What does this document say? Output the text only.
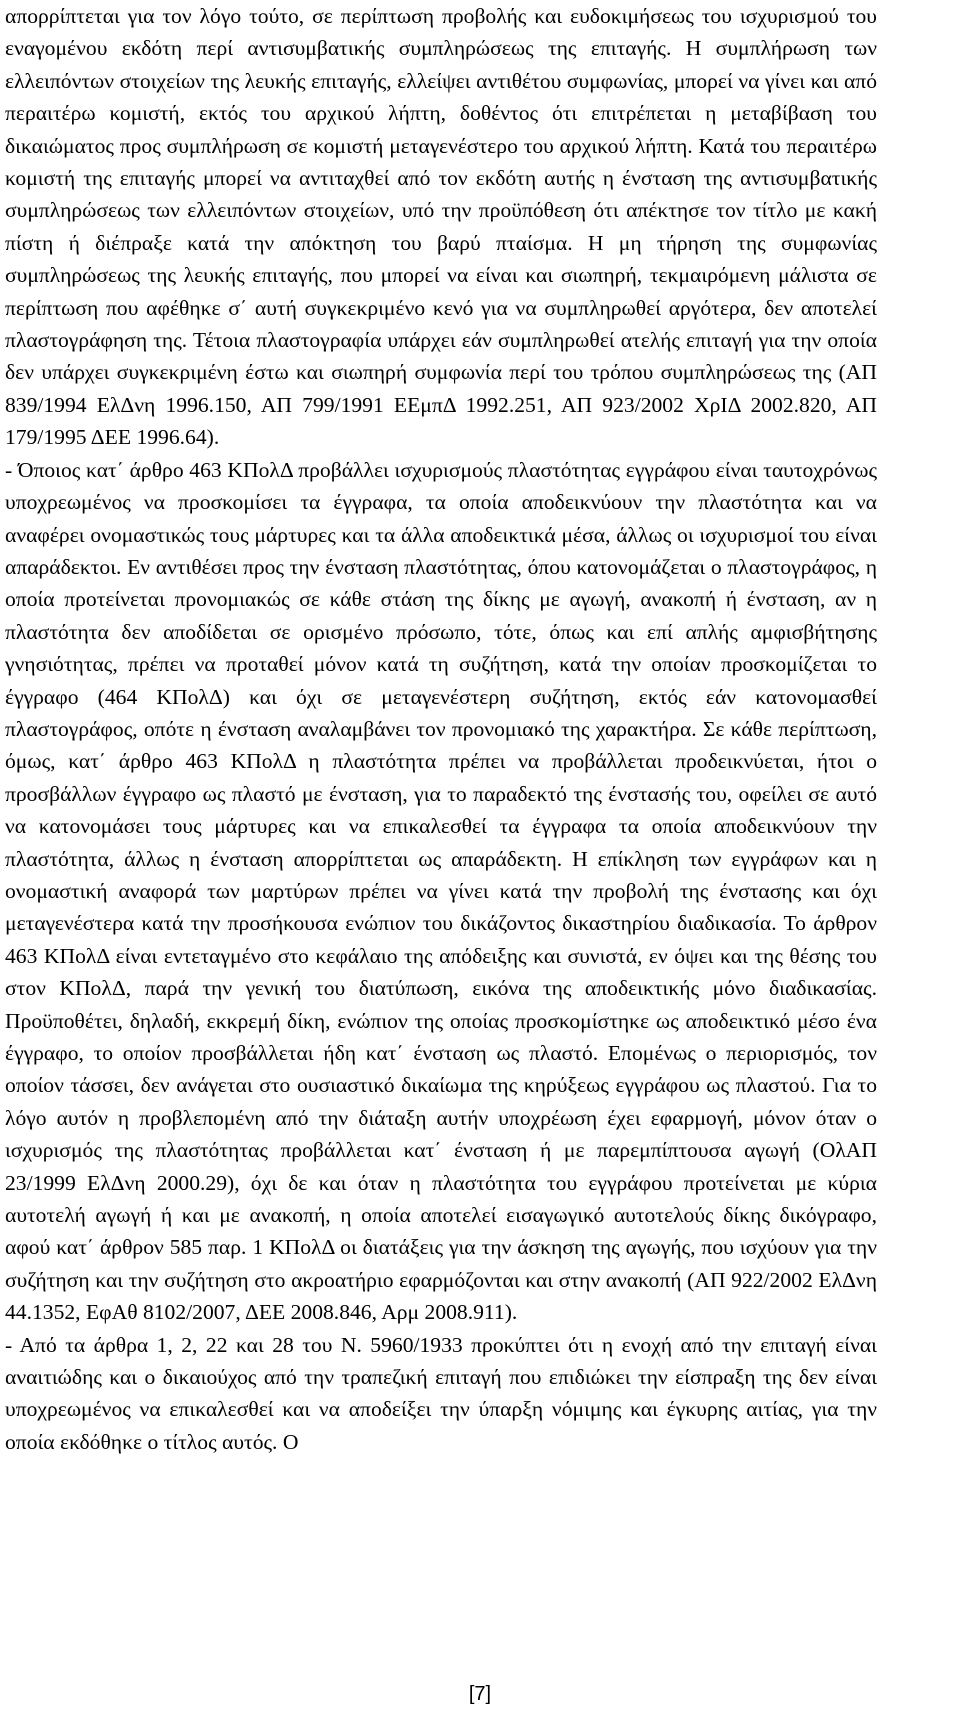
απορρίπτεται για τον λόγο τούτο, σε περίπτωση προβολής και ευδοκιμήσεως του ισχυρισμού του εναγομένου εκδότη περί αντισυμβατικής συμπληρώσεως της επιταγής. Η συμπλήρωση των ελλειπόντων στοιχείων της λευκής επιταγής, ελλείψει αντιθέτου συμφωνίας, μπορεί να γίνει και από περαιτέρω κομιστή, εκτός του αρχικού λήπτη, δοθέντος ότι επιτρέπεται η μεταβίβαση του δικαιώματος προς συμπλήρωση σε κομιστή μεταγενέστερο του αρχικού λήπτη. Κατά του περαιτέρω κομιστή της επιταγής μπορεί να αντιταχθεί από τον εκδότη αυτής η ένσταση της αντισυμβατικής συμπληρώσεως των ελλειπόντων στοιχείων, υπό την προϋπόθεση ότι απέκτησε τον τίτλο με κακή πίστη ή διέπραξε κατά την απόκτηση του βαρύ πταίσμα. Η μη τήρηση της συμφωνίας συμπληρώσεως της λευκής επιταγής, που μπορεί να είναι και σιωπηρή, τεκμαιρόμενη μάλιστα σε περίπτωση που αφέθηκε σ΄ αυτή συγκεκριμένο κενό για να συμπληρωθεί αργότερα, δεν αποτελεί πλαστογράφηση της. Τέτοια πλαστογραφία υπάρχει εάν συμπληρωθεί ατελής επιταγή για την οποία δεν υπάρχει συγκεκριμένη έστω και σιωπηρή συμφωνία περί του τρόπου συμπληρώσεως της (ΑΠ 839/1994 ΕλΔνη 1996.150, ΑΠ 799/1991 ΕΕμπΔ 1992.251, ΑΠ 923/2002 ΧρΙΔ 2002.820, ΑΠ 179/1995 ΔΕΕ 1996.64).

- Όποιος κατ΄ άρθρο 463 ΚΠολΔ προβάλλει ισχυρισμούς πλαστότητας εγγράφου είναι ταυτοχρόνως υποχρεωμένος να προσκομίσει τα έγγραφα, τα οποία αποδεικνύουν την πλαστότητα και να αναφέρει ονομαστικώς τους μάρτυρες και τα άλλα αποδεικτικά μέσα, άλλως οι ισχυρισμοί του είναι απαράδεκτοι. Εν αντιθέσει προς την ένσταση πλαστότητας, όπου κατονομάζεται ο πλαστογράφος, η οποία προτείνεται προνομιακώς σε κάθε στάση της δίκης με αγωγή, ανακοπή ή ένσταση, αν η πλαστότητα δεν αποδίδεται σε ορισμένο πρόσωπο, τότε, όπως και επί απλής αμφισβήτησης γνησιότητας, πρέπει να προταθεί μόνον κατά τη συζήτηση, κατά την οποίαν προσκομίζεται το έγγραφο (464 ΚΠολΔ) και όχι σε μεταγενέστερη συζήτηση, εκτός εάν κατονομασθεί πλαστογράφος, οπότε η ένσταση αναλαμβάνει τον προνομιακό της χαρακτήρα. Σε κάθε περίπτωση, όμως, κατ΄ άρθρο 463 ΚΠολΔ η πλαστότητα πρέπει να προβάλλεται προδεικνύεται, ήτοι ο προσβάλλων έγγραφο ως πλαστό με ένσταση, για το παραδεκτό της ένστασής του, οφείλει σε αυτό να κατονομάσει τους μάρτυρες και να επικαλεσθεί τα έγγραφα τα οποία αποδεικνύουν την πλαστότητα, άλλως η ένσταση απορρίπτεται ως απαράδεκτη. Η επίκληση των εγγράφων και η ονομαστική αναφορά των μαρτύρων πρέπει να γίνει κατά την προβολή της ένστασης και όχι μεταγενέστερα κατά την προσήκουσα ενώπιον του δικάζοντος δικαστηρίου διαδικασία. Το άρθρον 463 ΚΠολΔ είναι εντεταγμένο στο κεφάλαιο της απόδειξης και συνιστά, εν όψει και της θέσης του στον ΚΠολΔ, παρά την γενική του διατύπωση, εικόνα της αποδεικτικής μόνο διαδικασίας. Προϋποθέτει, δηλαδή, εκκρεμή δίκη, ενώπιον της οποίας προσκομίστηκε ως αποδεικτικό μέσο ένα έγγραφο, το οποίον προσβάλλεται ήδη κατ΄ ένσταση ως πλαστό. Επομένως ο περιορισμός, τον οποίον τάσσει, δεν ανάγεται στο ουσιαστικό δικαίωμα της κηρύξεως εγγράφου ως πλαστού. Για το λόγο αυτόν η προβλεπομένη από την διάταξη αυτήν υποχρέωση έχει εφαρμογή, μόνον όταν ο ισχυρισμός της πλαστότητας προβάλλεται κατ΄ ένσταση ή με παρεμπίπτουσα αγωγή (ΟλΑΠ 23/1999 ΕλΔνη 2000.29), όχι δε και όταν η πλαστότητα του εγγράφου προτείνεται με κύρια αυτοτελή αγωγή ή και με ανακοπή, η οποία αποτελεί εισαγωγικό αυτοτελούς δίκης δικόγραφο, αφού κατ΄ άρθρον 585 παρ. 1 ΚΠολΔ οι διατάξεις για την άσκηση της αγωγής, που ισχύουν για την συζήτηση και την συζήτηση στο ακροατήριο εφαρμόζονται και στην ανακοπή (ΑΠ 922/2002 ΕλΔνη 44.1352, ΕφΑθ 8102/2007, ΔΕΕ 2008.846, Αρμ 2008.911).

- Από τα άρθρα 1, 2, 22 και 28 του Ν. 5960/1933 προκύπτει ότι η ενοχή από την επιταγή είναι αναιτιώδης και ο δικαιούχος από την τραπεζική επιταγή που επιδιώκει την είσπραξη της δεν είναι υποχρεωμένος να επικαλεσθεί και να αποδείξει την ύπαρξη νόμιμης και έγκυρης αιτίας, για την οποία εκδόθηκε ο τίτλος αυτός. Ο

[7]
